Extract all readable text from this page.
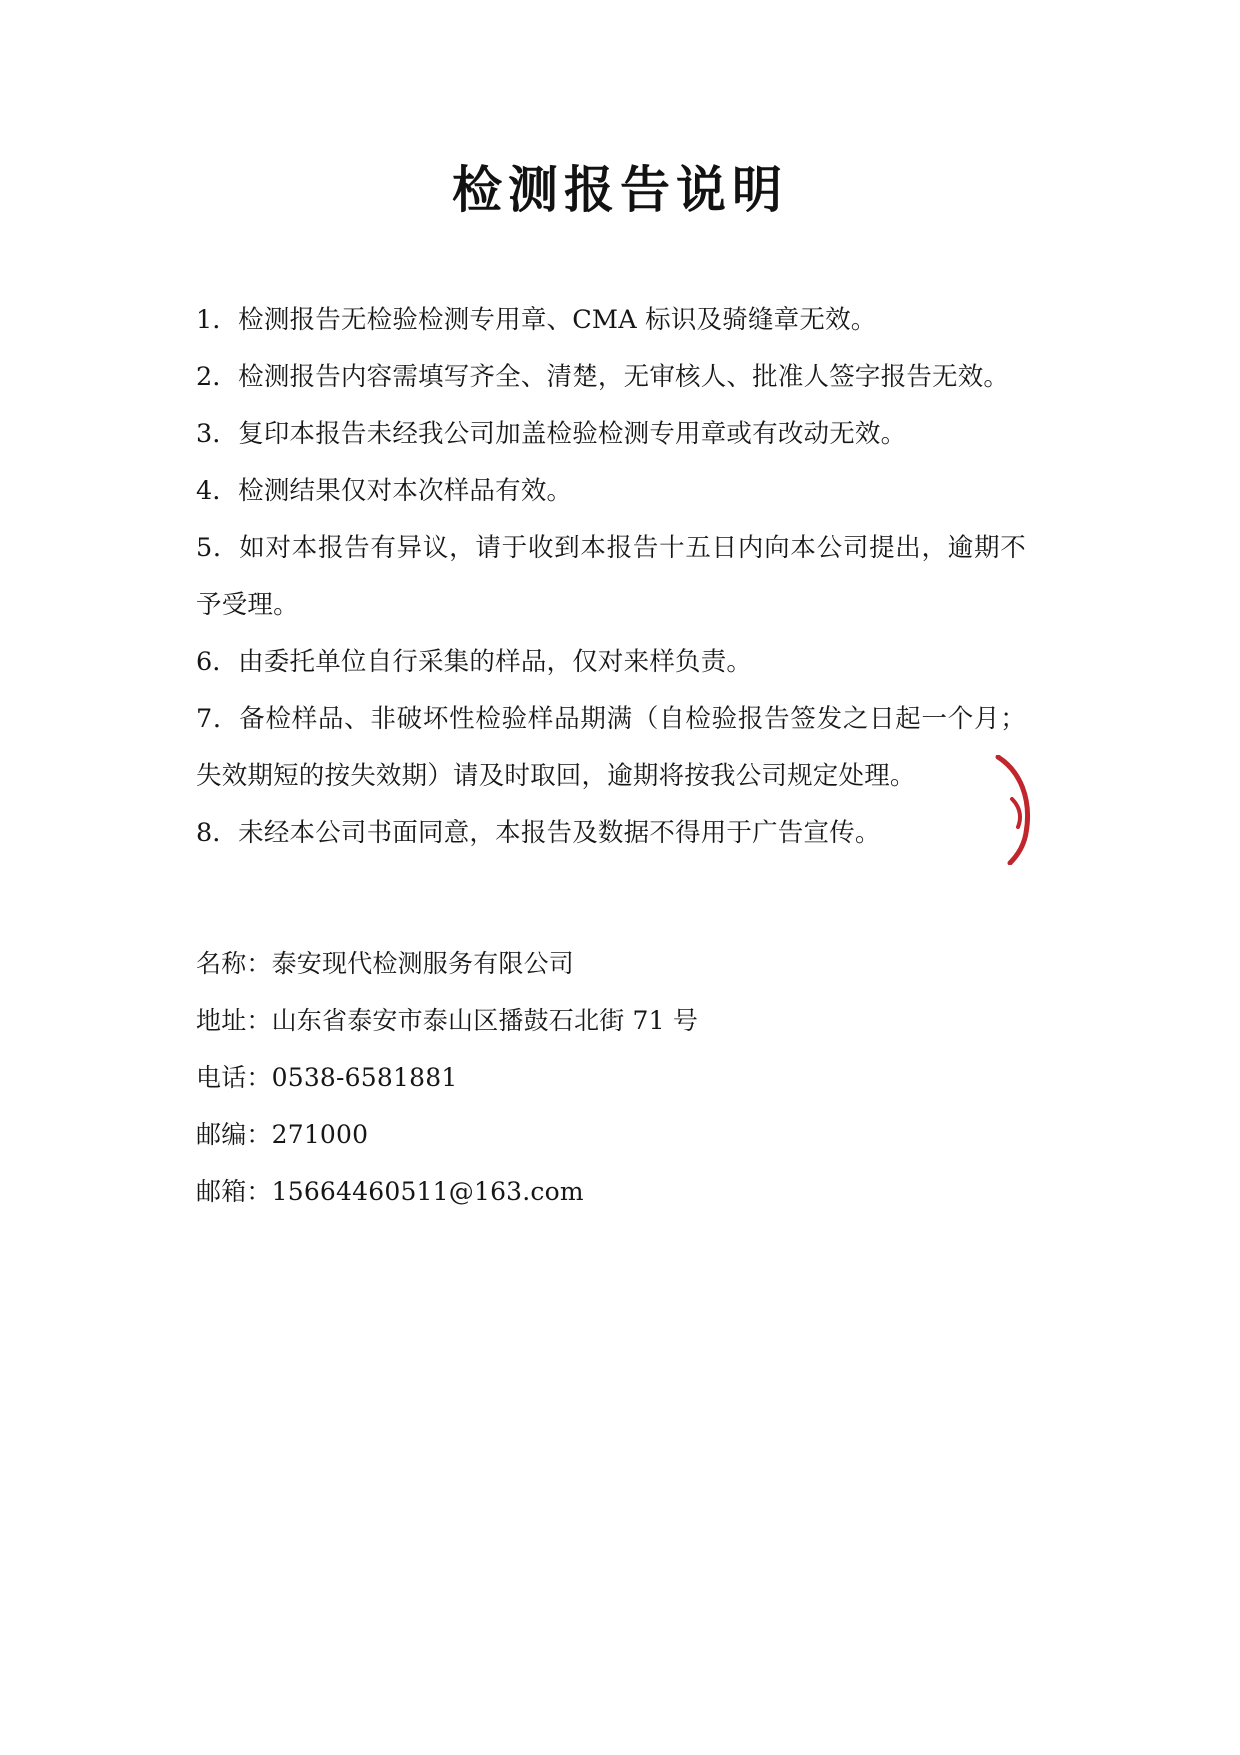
检测报告说明
1．检测报告无检验检测专用章、CMA 标识及骑缝章无效。
2．检测报告内容需填写齐全、清楚，无审核人、批准人签字报告无效。
3．复印本报告未经我公司加盖检验检测专用章或有改动无效。
4．检测结果仅对本次样品有效。
5．如对本报告有异议，请于收到本报告十五日内向本公司提出，逾期不予受理。
6．由委托单位自行采集的样品，仅对来样负责。
7．备检样品、非破坏性检验样品期满（自检验报告签发之日起一个月；失效期短的按失效期）请及时取回，逾期将按我公司规定处理。
8．未经本公司书面同意，本报告及数据不得用于广告宣传。
名称：泰安现代检测服务有限公司
地址：山东省泰安市泰山区播鼓石北街 71 号
电话：0538-6581881
邮编：271000
邮箱：15664460511@163.com
